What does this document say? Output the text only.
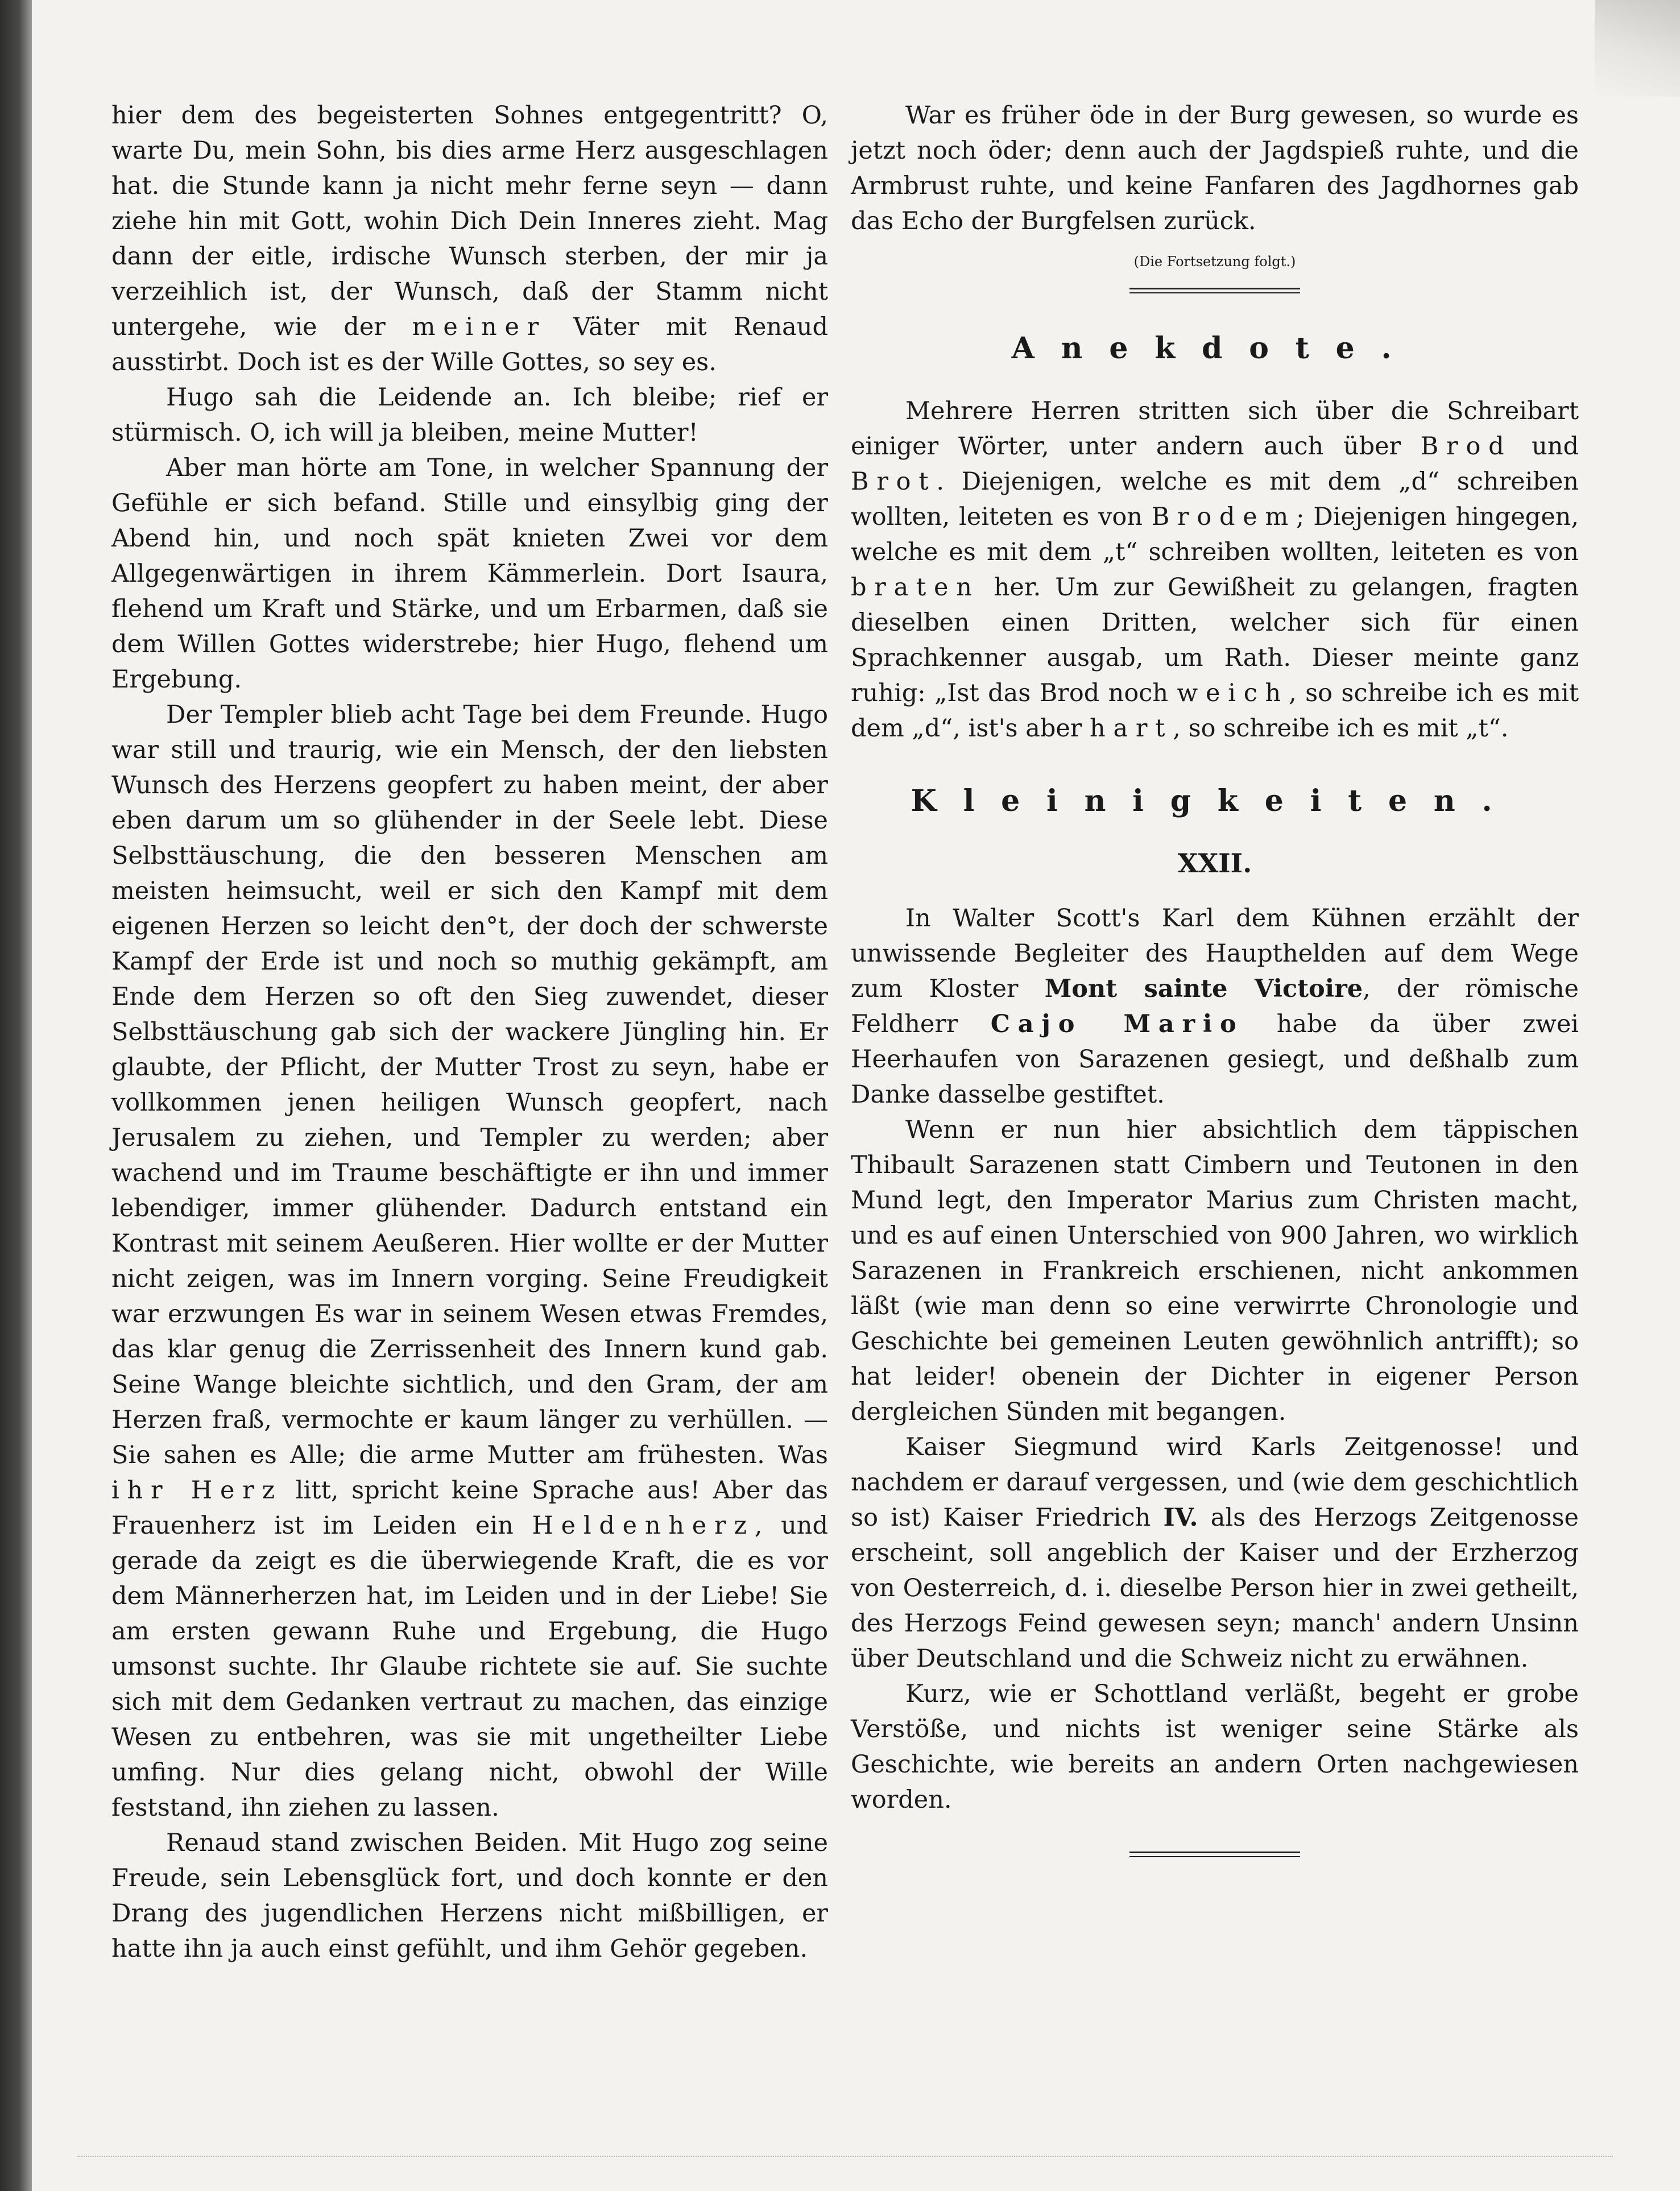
hier dem des begeisterten Sohnes entgegentritt? O, warte Du, mein Sohn, bis dies arme Herz ausgeschlagen hat. die Stunde kann ja nicht mehr ferne seyn — dann ziehe hin mit Gott, wohin Dich Dein Inneres zieht. Mag dann der eitle, irdische Wunsch sterben, der mir ja verzeihlich ist, der Wunsch, daß der Stamm nicht untergehe, wie der meiner Väter mit Renaud ausstirbt. Doch ist es der Wille Gottes, so sey es.

Hugo sah die Leidende an. Ich bleibe; rief er stürmisch. O, ich will ja bleiben, meine Mutter!

Aber man hörte am Tone, in welcher Spannung der Gefühle er sich befand. Stille und einsylbig ging der Abend hin, und noch spät knieten Zwei vor dem Allgegenwärtigen in ihrem Kämmerlein. Dort Isaura, flehend um Kraft und Stärke, und um Erbarmen, daß sie dem Willen Gottes widerstrebe; hier Hugo, flehend um Ergebung.

Der Templer blieb acht Tage bei dem Freunde. Hugo war still und traurig, wie ein Mensch, der den liebsten Wunsch des Herzens geopfert zu haben meint, der aber eben darum um so glühender in der Seele lebt. Diese Selbsttäuschung, die den besseren Menschen am meisten heimsucht, weil er sich den Kampf mit dem eigenen Herzen so leicht den°t, der doch der schwerste Kampf der Erde ist und noch so muthig gekämpft, am Ende dem Herzen so oft den Sieg zuwendet, dieser Selbsttäuschung gab sich der wackere Jüngling hin. Er glaubte, der Pflicht, der Mutter Trost zu seyn, habe er vollkommen jenen heiligen Wunsch geopfert, nach Jerusalem zu ziehen, und Templer zu werden; aber wachend und im Traume beschäftigte er ihn und immer lebendiger, immer glühender. Dadurch entstand ein Kontrast mit seinem Aeußeren. Hier wollte er der Mutter nicht zeigen, was im Innern vorging. Seine Freudigkeit war erzwungen Es war in seinem Wesen etwas Fremdes, das klar genug die Zerrissenheit des Innern kund gab. Seine Wange bleichte sichtlich, und den Gram, der am Herzen fraß, vermochte er kaum länger zu verhüllen. — Sie sahen es Alle; die arme Mutter am frühesten. Was ihr Herz litt, spricht keine Sprache aus! Aber das Frauenherz ist im Leiden ein Heldenherz, und gerade da zeigt es die überwiegende Kraft, die es vor dem Männerherzen hat, im Leiden und in der Liebe! Sie am ersten gewann Ruhe und Ergebung, die Hugo umsonst suchte. Ihr Glaube richtete sie auf. Sie suchte sich mit dem Gedanken vertraut zu machen, das einzige Wesen zu entbehren, was sie mit ungetheilter Liebe umfing. Nur dies gelang nicht, obwohl der Wille feststand, ihn ziehen zu lassen.

Renaud stand zwischen Beiden. Mit Hugo zog seine Freude, sein Lebensglück fort, und doch konnte er den Drang des jugendlichen Herzens nicht mißbilligen, er hatte ihn ja auch einst gefühlt, und ihm Gehör gegeben.

War es früher öde in der Burg gewesen, so wurde es jetzt noch öder; denn auch der Jagdspieß ruhte, und die Armbrust ruhte, und keine Fanfaren des Jagdhornes gab das Echo der Burgfelsen zurück.

(Die Fortsetzung folgt.)
Anekdote.

Mehrere Herren stritten sich über die Schreibart einiger Wörter, unter andern auch über Brod und Brot. Diejenigen, welche es mit dem „d“ schreiben wollten, leiteten es von Brodem; Diejenigen hingegen, welche es mit dem „t“ schreiben wollten, leiteten es von braten her. Um zur Gewißheit zu gelangen, fragten dieselben einen Dritten, welcher sich für einen Sprachkenner ausgab, um Rath. Dieser meinte ganz ruhig: „Ist das Brod noch weich, so schreibe ich es mit dem „d“, ist's aber hart, so schreibe ich es mit „t“.

Kleinigkeiten.
XXII.

In Walter Scott's Karl dem Kühnen erzählt der unwissende Begleiter des Haupthelden auf dem Wege zum Kloster Mont sainte Victoire, der römische Feldherr Cajo Mario habe da über zwei Heerhaufen von Sarazenen gesiegt, und deßhalb zum Danke dasselbe gestiftet.

Wenn er nun hier absichtlich dem täppischen Thibault Sarazenen statt Cimbern und Teutonen in den Mund legt, den Imperator Marius zum Christen macht, und es auf einen Unterschied von 900 Jahren, wo wirklich Sarazenen in Frankreich erschienen, nicht ankommen läßt (wie man denn so eine verwirrte Chronologie und Geschichte bei gemeinen Leuten gewöhnlich antrifft); so hat leider! obenein der Dichter in eigener Person dergleichen Sünden mit begangen.

Kaiser Siegmund wird Karls Zeitgenosse! und nachdem er darauf vergessen, und (wie dem geschichtlich so ist) Kaiser Friedrich IV. als des Herzogs Zeitgenosse erscheint, soll angeblich der Kaiser und der Erzherzog von Oesterreich, d. i. dieselbe Person hier in zwei getheilt, des Herzogs Feind gewesen seyn; manch' andern Unsinn über Deutschland und die Schweiz nicht zu erwähnen.

Kurz, wie er Schottland verläßt, begeht er grobe Verstöße, und nichts ist weniger seine Stärke als Geschichte, wie bereits an andern Orten nachgewiesen worden.
